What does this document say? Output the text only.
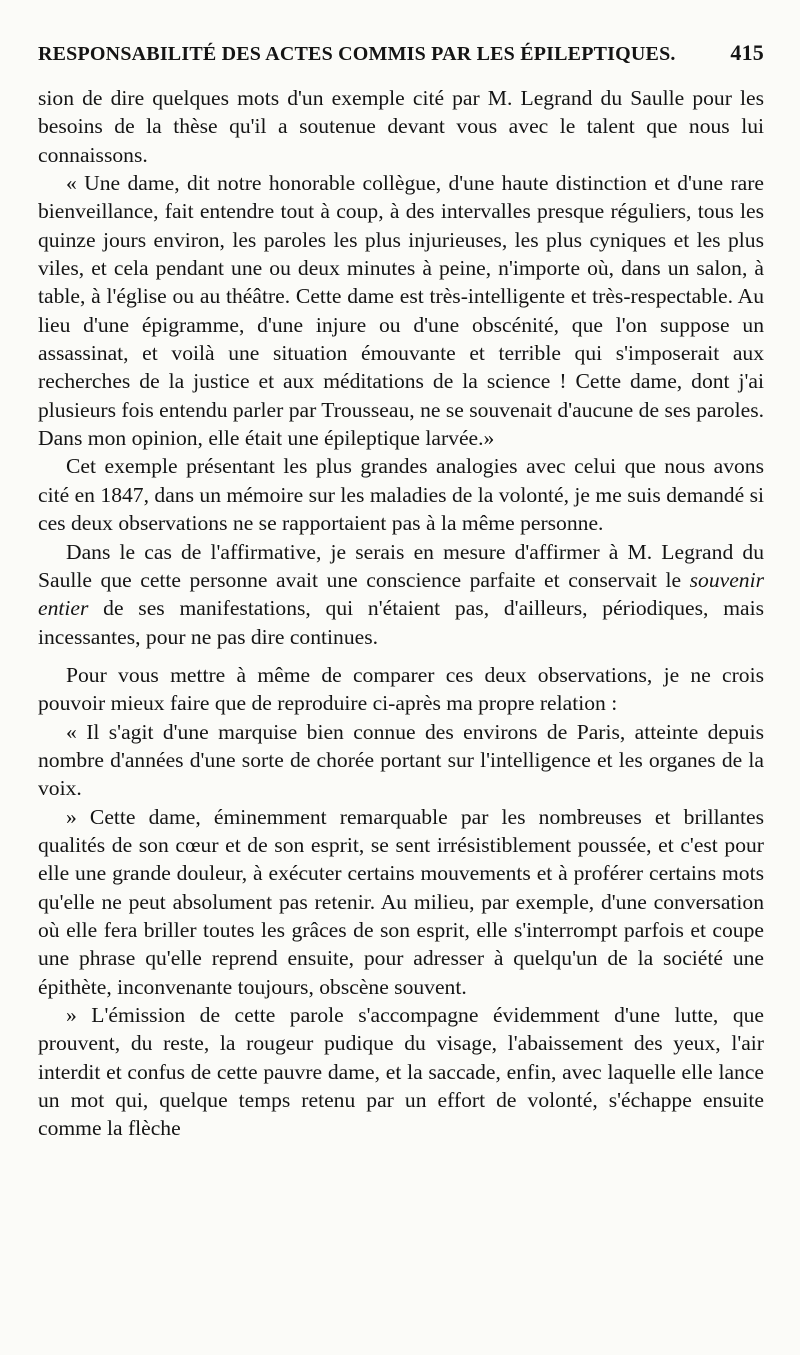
RESPONSABILITÉ DES ACTES COMMIS PAR LES ÉPILEPTIQUES. 415

sion de dire quelques mots d'un exemple cité par M. Legrand du Saulle pour les besoins de la thèse qu'il a soutenue devant vous avec le talent que nous lui connaissons.

« Une dame, dit notre honorable collègue, d'une haute distinction et d'une rare bienveillance, fait entendre tout à coup, à des intervalles presque réguliers, tous les quinze jours environ, les paroles les plus injurieuses, les plus cyniques et les plus viles, et cela pendant une ou deux minutes à peine, n'importe où, dans un salon, à table, à l'église ou au théâtre. Cette dame est très-intelligente et très-respectable. Au lieu d'une épigramme, d'une injure ou d'une obscénité, que l'on suppose un assassinat, et voilà une situation émouvante et terrible qui s'imposerait aux recherches de la justice et aux méditations de la science ! Cette dame, dont j'ai plusieurs fois entendu parler par Trousseau, ne se souvenait d'aucune de ses paroles. Dans mon opinion, elle était une épileptique larvée.»

Cet exemple présentant les plus grandes analogies avec celui que nous avons cité en 1847, dans un mémoire sur les maladies de la volonté, je me suis demandé si ces deux observations ne se rapportaient pas à la même personne.

Dans le cas de l'affirmative, je serais en mesure d'affirmer à M. Legrand du Saulle que cette personne avait une conscience parfaite et conservait le souvenir entier de ses manifestations, qui n'étaient pas, d'ailleurs, périodiques, mais incessantes, pour ne pas dire continues.

Pour vous mettre à même de comparer ces deux observations, je ne crois pouvoir mieux faire que de reproduire ci-après ma propre relation :

« Il s'agit d'une marquise bien connue des environs de Paris, atteinte depuis nombre d'années d'une sorte de chorée portant sur l'intelligence et les organes de la voix.

» Cette dame, éminemment remarquable par les nombreuses et brillantes qualités de son cœur et de son esprit, se sent irrésistiblement poussée, et c'est pour elle une grande douleur, à exécuter certains mouvements et à proférer certains mots qu'elle ne peut absolument pas retenir. Au milieu, par exemple, d'une conversation où elle fera briller toutes les grâces de son esprit, elle s'interrompt parfois et coupe une phrase qu'elle reprend ensuite, pour adresser à quelqu'un de la société une épithète, inconvenante toujours, obscène souvent.

» L'émission de cette parole s'accompagne évidemment d'une lutte, que prouvent, du reste, la rougeur pudique du visage, l'abaissement des yeux, l'air interdit et confus de cette pauvre dame, et la saccade, enfin, avec laquelle elle lance un mot qui, quelque temps retenu par un effort de volonté, s'échappe ensuite comme la flèche
